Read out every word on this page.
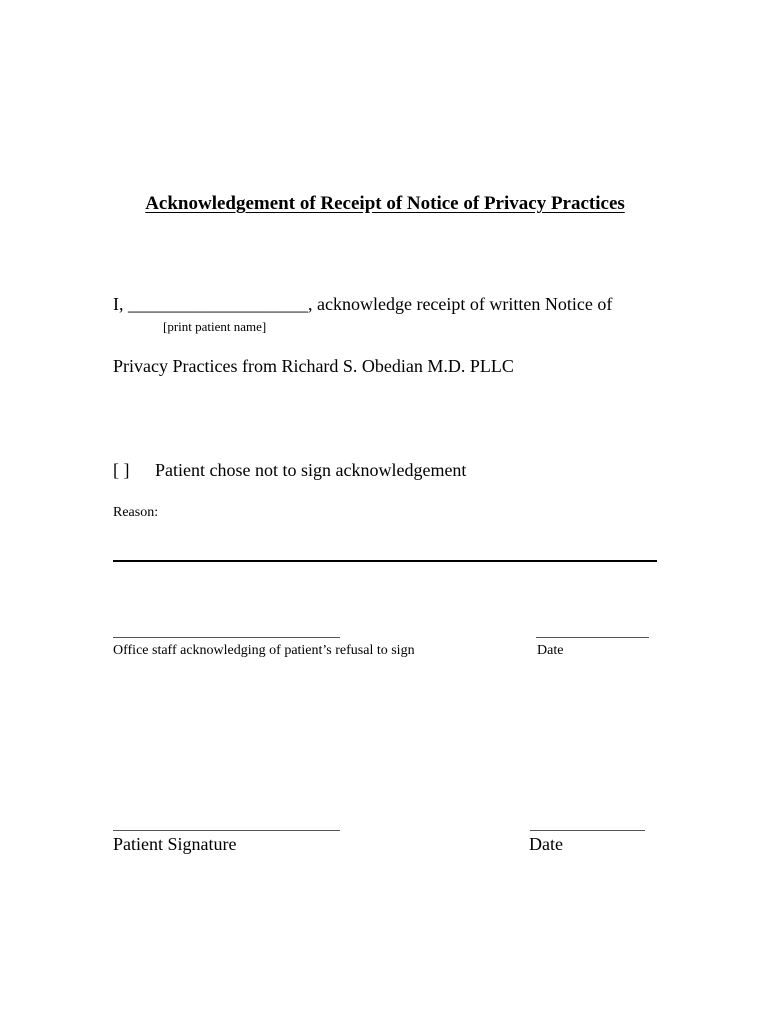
Acknowledgement of Receipt of Notice of Privacy Practices
I, ____________________, acknowledge receipt of written Notice of
[print patient name]
Privacy Practices from Richard S. Obedian M.D. PLLC
[ ] Patient chose not to sign acknowledgement
Reason:
Office staff acknowledging of patient’s refusal to sign	Date
Patient Signature	Date
